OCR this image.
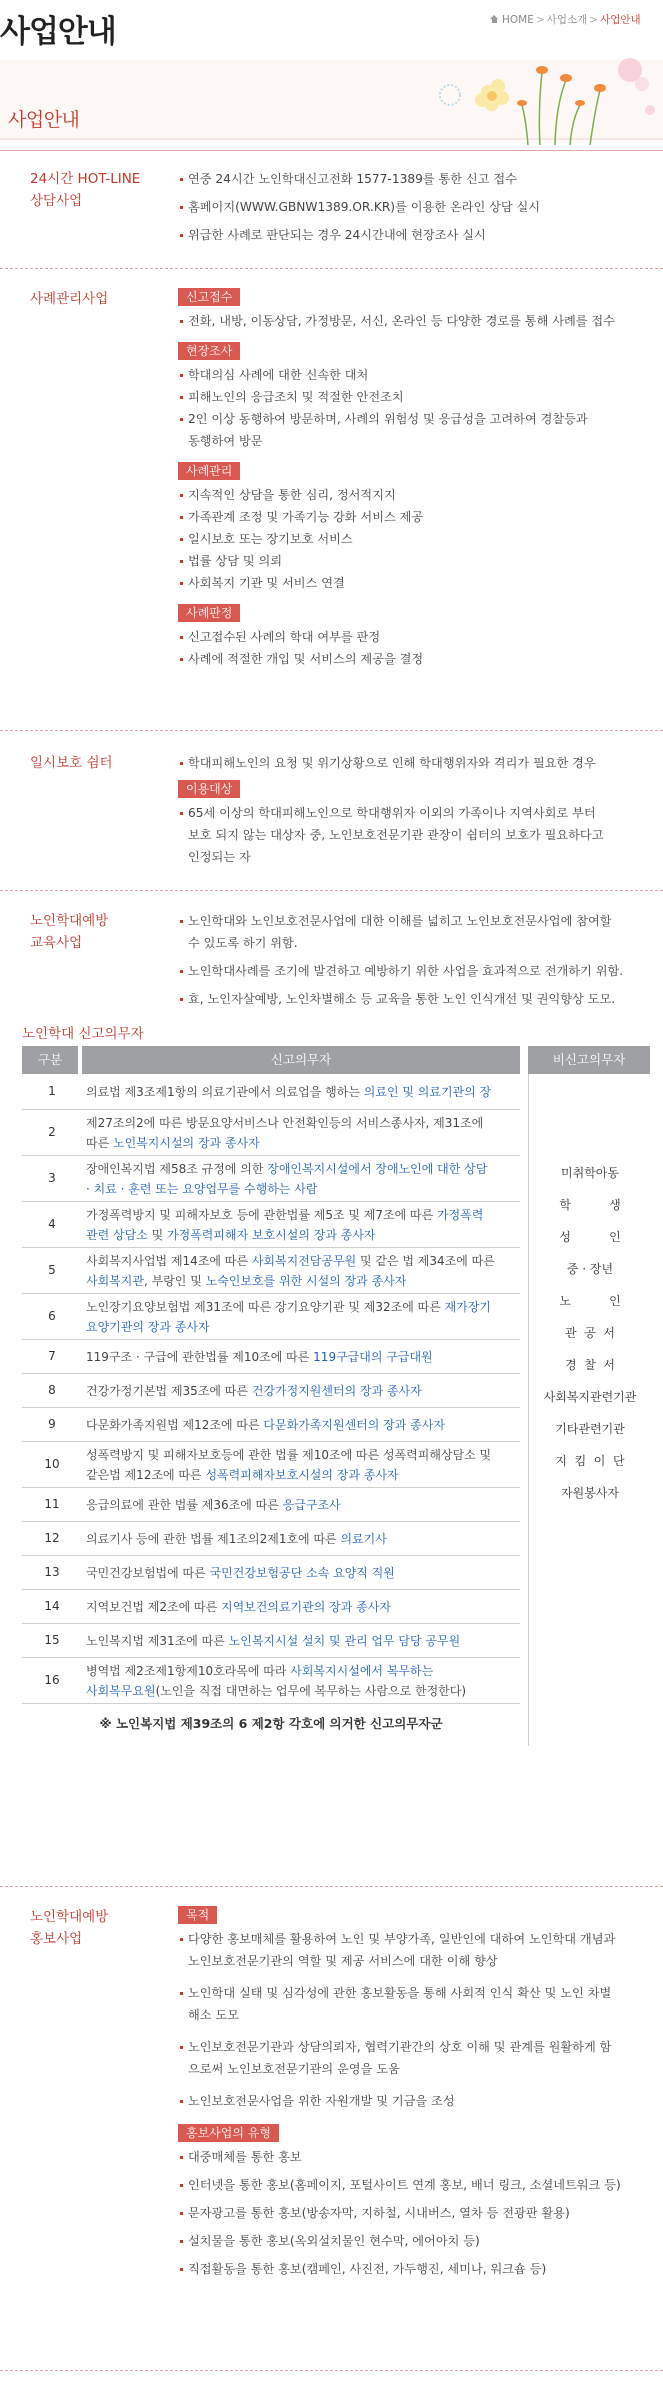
사업안내	HOME > 사업소개 > 사업안내
사업안내
24시간 HOT-LINE
상담사업
연중 24시간 노인학대신고전화 1577-1389를 통한 신고 접수
홈페이지(WWW.GBNW1389.OR.KR)를 이용한 온라인 상담 실시
위급한 사례로 판단되는 경우 24시간내에 현장조사 실시
사례관리사업	신고접수
전화, 내방, 이동상담, 가정방문, 서신, 온라인 등 다양한 경로를 통해 사례를 접수
현장조사
학대의심 사례에 대한 신속한 대처
피해노인의 응급조치 및 적절한 안전조치
2인 이상 동행하여 방문하며, 사례의 위험성 및 응급성을 고려하여 경찰등과
동행하여 방문
사례관리
지속적인 상담을 통한 심리, 정서적지지
가족관계 조정 및 가족기능 강화 서비스 제공
일시보호 또는 장기보호 서비스
법률 상담 및 의뢰
사회복지 기관 및 서비스 연결
사례판정
신고접수된 사례의 학대 여부를 판정
사례에 적절한 개입 및 서비스의 제공을 결정
일시보호 쉼터	학대피해노인의 요청 및 위기상황으로 인해 학대행위자와 격리가 필요한 경우
이용대상
65세 이상의 학대피해노인으로 학대행위자 이외의 가족이나 지역사회로 부터
보호 되지 않는 대상자 중, 노인보호전문기관 관장이 쉼터의 보호가 필요하다고
인정되는 자
노인학대예방
교육사업
노인학대와 노인보호전문사업에 대한 이해를 넓히고 노인보호전문사업에 참여할
수 있도록 하기 위함.
노인학대사례를 조기에 발견하고 예방하기 위한 사업을 효과적으로 전개하기 위함.
효, 노인자살예방, 노인차별해소 등 교육을 통한 노인 인식개선 및 권익향상 도모.
노인학대 신고의무자
구분	신고의무자	비신고의무자
1	의료법 제3조제1항의 의료기관에서 의료업을 행하는 의료인 및 의료기관의 장
2
제27조의2에 따른 방문요양서비스나 안전확인등의 서비스종사자, 제31조에
따른 노인복지시설의 장과 종사자
3
장애인복지법 제58조 규정에 의한 장애인복지시설에서 장애노인에 대한 상담
· 치료 · 훈련 또는 요양업무를 수행하는 사람
4
가정폭력방지 및 피해자보호 등에 관한법률 제5조 및 제7조에 따른 가정폭력
관련 상담소 및 가정폭력피해자 보호시설의 장과 종사자
5
사회복지사업법 제14조에 따른 사회복지전담공무원 및 같은 법 제34조에 따른
사회복지관, 부랑인 및 노숙인보호를 위한 시설의 장과 종사자
6
노인장기요양보험법 제31조에 따른 장기요양기관 및 제32조에 따른 재가장기
요양기관의 장과 종사자
7	119구조 · 구급에 관한법률 제10조에 따른 119구급대의 구급대원
8	건강가정기본법 제35조에 따른 건강가정지원센터의 장과 종사자
9	다문화가족지원법 제12조에 따른 다문화가족지원센터의 장과 종사자
10
성폭력방지 및 피해자보호등에 관한 법률 제10조에 따른 성폭력피해상담소 및
같은법 제12조에 따른 성폭력피해자보호시설의 장과 종사자
11	응급의료에 관한 법률 제36조에 따른 응급구조사
12	의료기사 등에 관한 법률 제1조의2제1호에 따른 의료기사
13	국민건강보험법에 따른 국민건강보험공단 소속 요양직 직원
14	지역보건법 제2조에 따른 지역보건의료기관의 장과 종사자
15	노인복지법 제31조에 따른 노인복지시설 설치 및 관리 업무 담당 공무원
16
병역법 제2조제1항제10호라목에 따라 사회복지시설에서 복무하는
사회복무요원(노인을 직접 대면하는 업무에 복무하는 사람으로 한정한다)
※ 노인복지법 제39조의 6 제2항 각호에 의거한 신고의무자군
미취학아동
학          생
성          인
중 · 장년
노          인
관  공  서
경  찰  서
사회복지관련기관
기타관련기관
지  킴  이  단
자원봉사자
노인학대예방
홍보사업
목적
다양한 홍보매체를 활용하여 노인 및 부양가족, 일반인에 대하여 노인학대 개념과
노인보호전문기관의 역할 및 제공 서비스에 대한 이해 향상
노인학대 실태 및 심각성에 관한 홍보활동을 통해 사회적 인식 확산 및 노인 차별
해소 도모
노인보호전문기관과 상담의뢰자, 협력기관간의 상호 이해 및 관계를 원활하게 함
으로써 노인보호전문기관의 운영을 도움
노인보호전문사업을 위한 자원개발 및 기금을 조성
홍보사업의 유형
대중매체를 통한 홍보
인터넷을 통한 홍보(홈페이지, 포털사이트 연계 홍보, 배너 링크, 소셜네트워크 등)
문자광고를 통한 홍보(방송자막, 지하철, 시내버스, 열차 등 전광판 활용)
설치물을 통한 홍보(옥외설치물인 현수막, 에어아치 등)
직접활동을 통한 홍보(캠페인, 사진전, 가두행진, 세미나, 워크숍 등)
